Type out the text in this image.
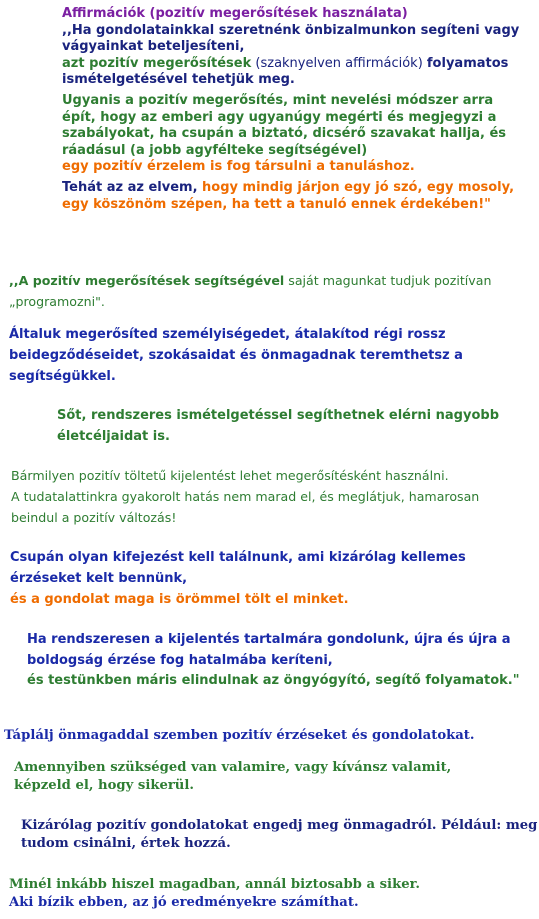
Affirmációk (pozitív megerősítések használata)
,,Ha gondolatainkkal szeretnénk önbizalmunkon segíteni vagy
vágyainkat beteljesíteni,
azt pozitív megerősítések (szaknyelven affirmációk) folyamatos
ismételgetésével tehetjük meg.
Ugyanis a pozitív megerősítés, mint nevelési módszer arra
épít, hogy az emberi agy ugyanúgy megérti és megjegyzi a
szabályokat, ha csupán a biztató, dicsérő szavakat hallja, és
ráadásul (a jobb agyféltekе segítségével)
egy pozitív érzelem is fog társulni a tanuláshoz.
Tehát az az elvem, hogy mindig járjon egy jó szó, egy mosoly,
egy köszönöm szépen, ha tett a tanuló ennek érdekében!"
,,A pozitív megerősítések segítségével saját magunkat tudjuk pozitívan
„programozni".
Általuk megerősíted személyiségedet, átalakítod régi rossz
beidegződéseidet, szokásaidat és önmagadnak teremthetsz a
segítségükkel.
Sőt, rendszeres ismételgetéssel segíthetnek elérni nagyobb
életcéljaidat is.
Bármilyen pozitív töltetű kijelentést lehet megerősítésként használni.
A tudatalattinkra gyakorolt hatás nem marad el, és meglátjuk, hamarosan
beindul a pozitív változás!
Csupán olyan kifejezést kell találnunk, ami kizárólag kellemes
érzéseket kelt bennünk,
és a gondolat maga is örömmel tölt el minket.
Ha rendszeresen a kijelentés tartalmára gondolunk, újra és újra a
boldogság érzése fog hatalmába keríteni,
és testünkben máris elindulnak az öngyógyító, segítő folyamatok."
Táplálj önmagaddal szemben pozitív érzéseket és gondolatokat.
Amennyiben szükséged van valamire, vagy kívánsz valamit,
képzeld el, hogy sikerül.
Kizárólag pozitív gondolatokat engedj meg önmagadról. Például: meg
tudom csinálni, értek hozzá.
Minél inkább hiszel magadban, annál biztosabb a siker.
Aki bízik ebben, az jó eredményekre számíthat.
